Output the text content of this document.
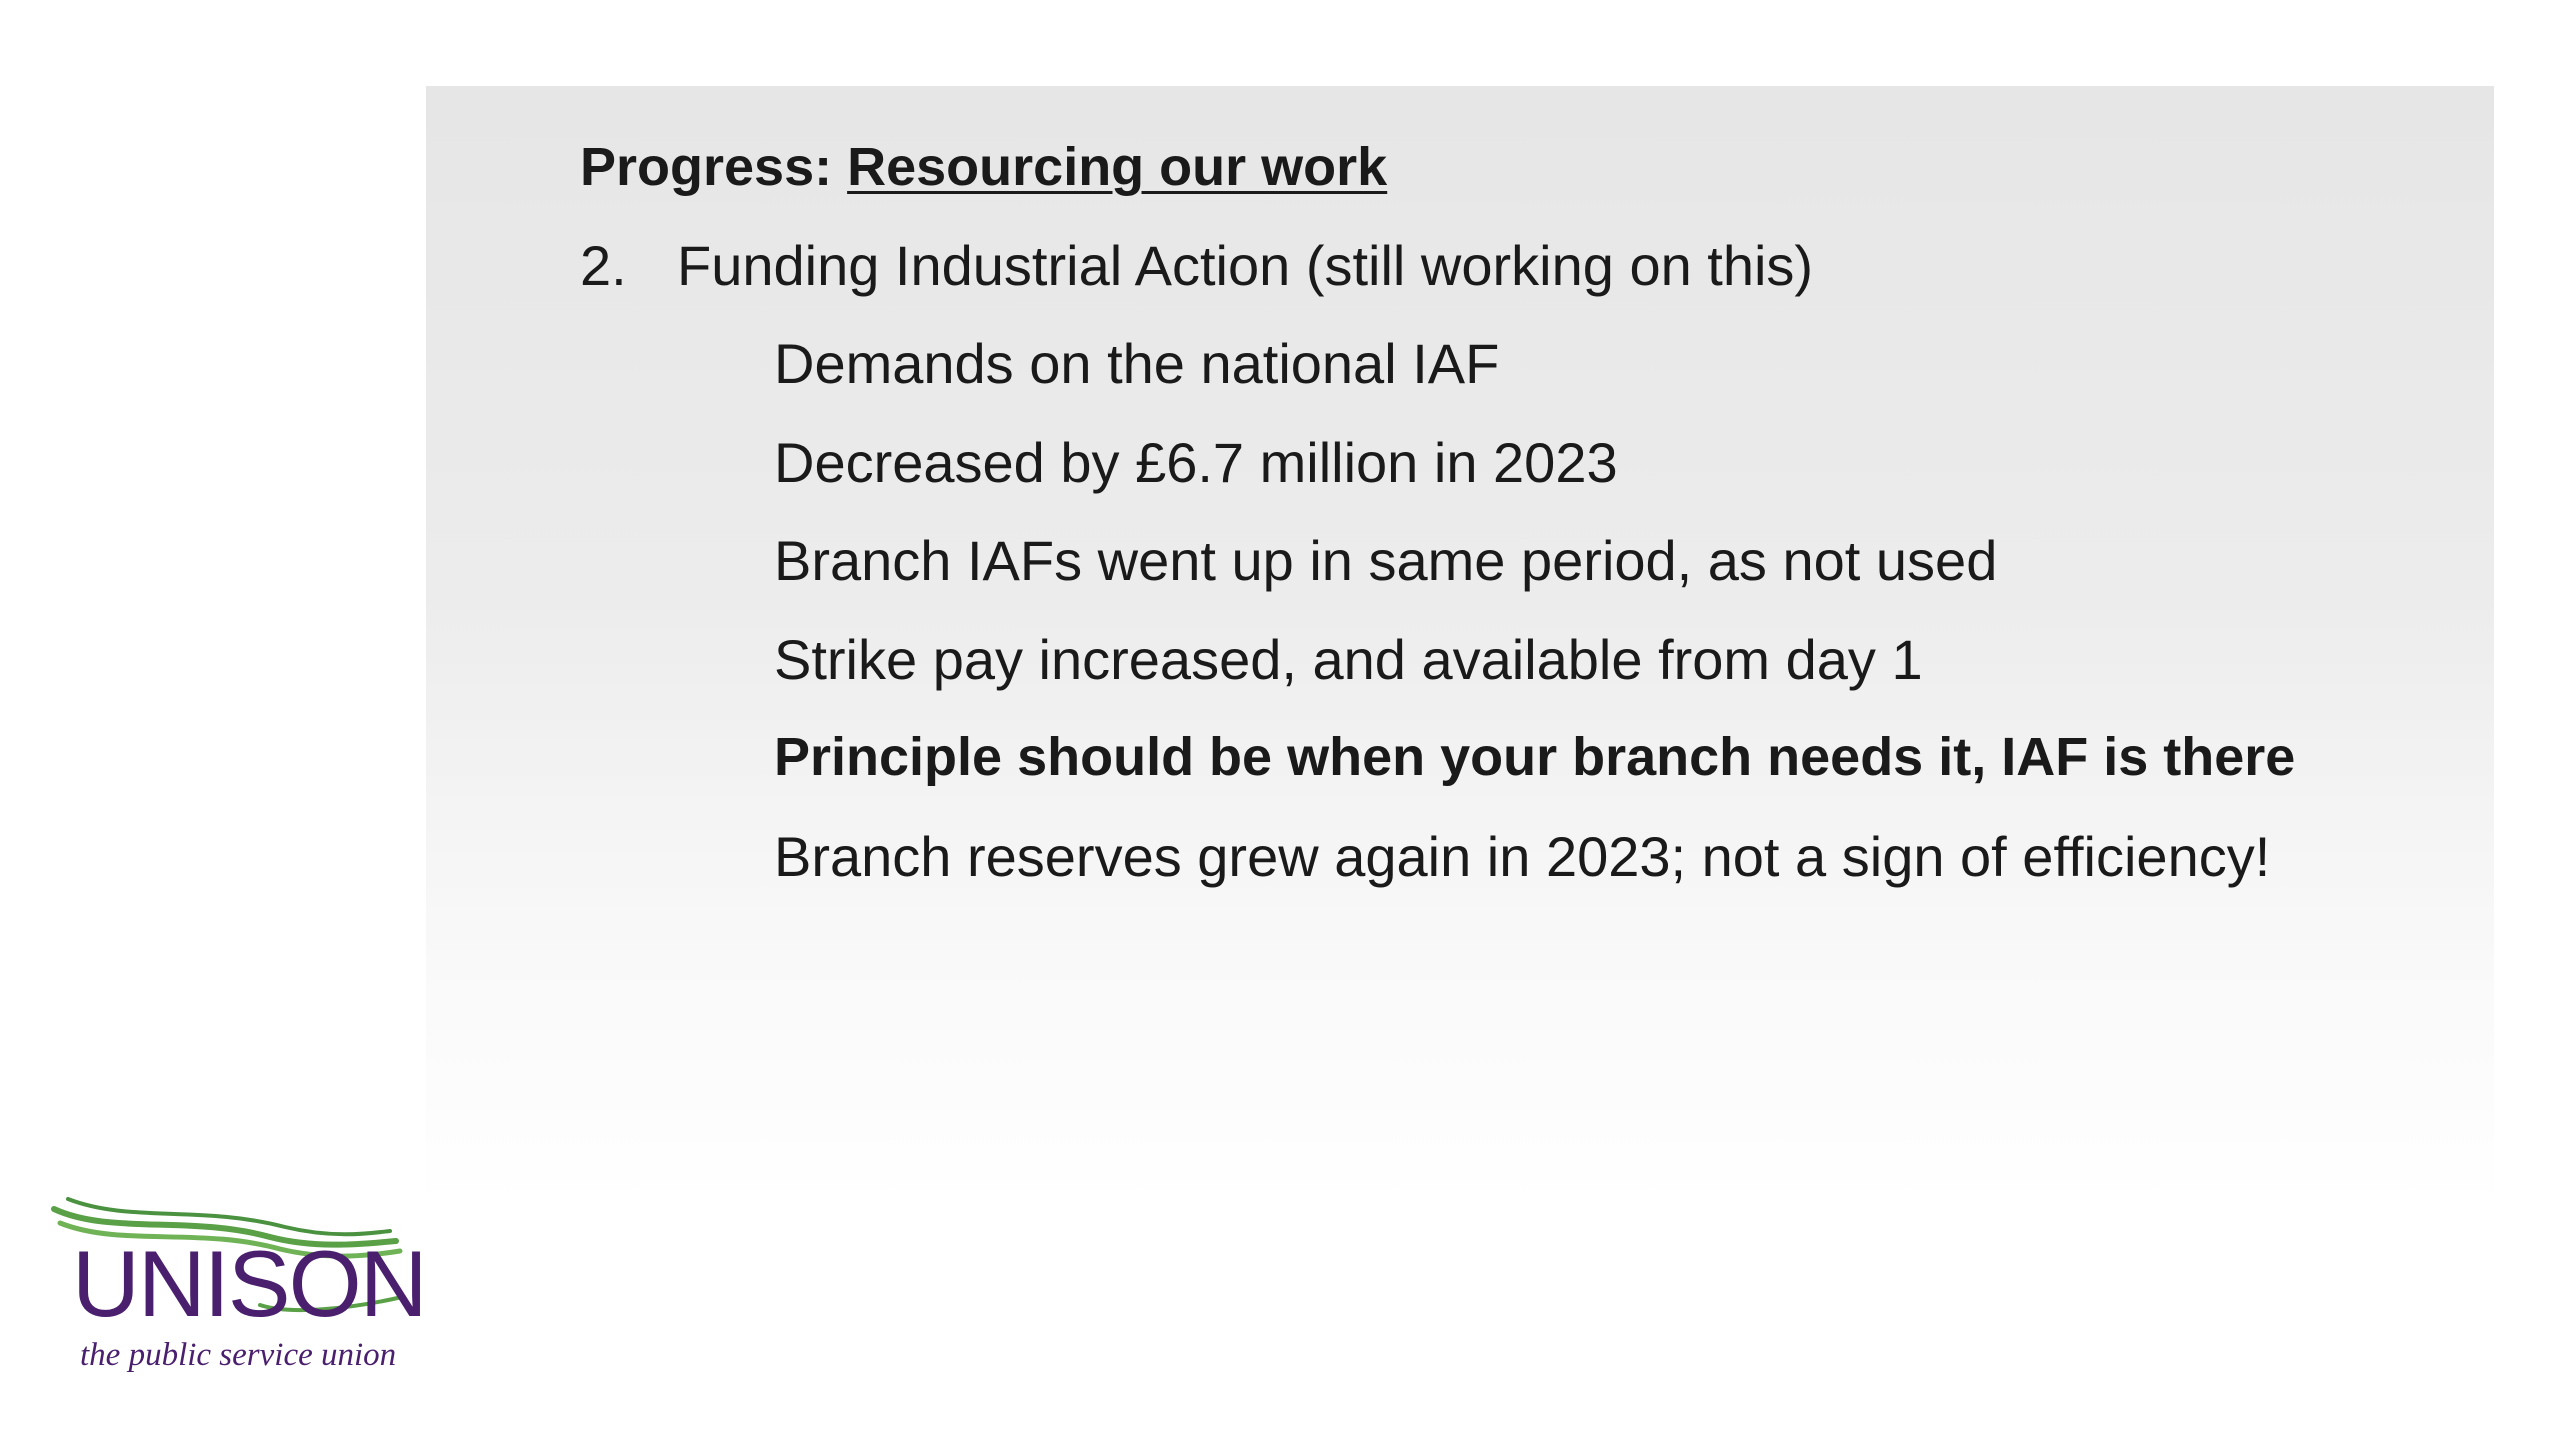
Progress: Resourcing our work
2. Funding Industrial Action (still working on this)
Demands on the national IAF
Decreased by £6.7 million in 2023
Branch IAFs went up in same period, as not used
Strike pay increased, and available from day 1
Principle should be when your branch needs it, IAF is there
Branch reserves grew again in 2023; not a sign of efficiency!
UNISON
the public service union
